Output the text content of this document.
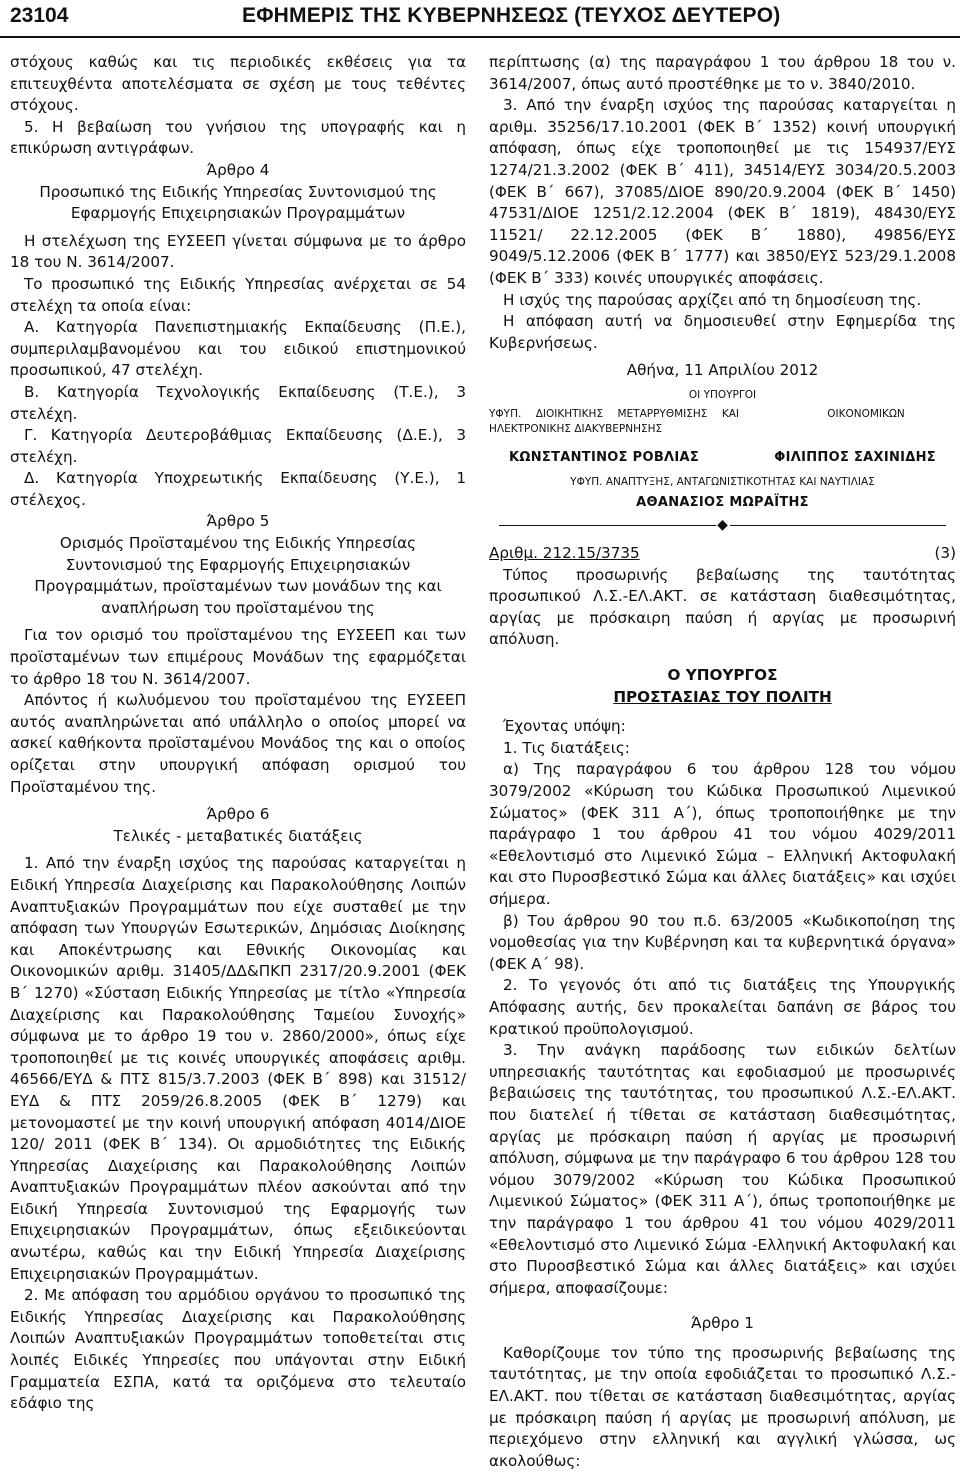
23104	ΕΦΗΜΕΡΙΣ ΤΗΣ ΚΥΒΕΡΝΗΣΕΩΣ (ΤΕΥΧΟΣ ΔΕΥΤΕΡΟ)

στόχους καθώς και τις περιοδικές εκθέσεις για τα επιτευχθέντα αποτελέσματα σε σχέση με τους τεθέντες στόχους.

5. Η βεβαίωση του γνήσιου της υπογραφής και η επικύρωση αντιγράφων.

Άρθρο 4

Προσωπικό της Ειδικής Υπηρεσίας Συντονισμού της Εφαρμογής Επιχειρησιακών Προγραμμάτων

Η στελέχωση της ΕΥΣΕΕΠ γίνεται σύμφωνα με το άρθρο 18 του Ν. 3614/2007.

Το προσωπικό της Ειδικής Υπηρεσίας ανέρχεται σε 54 στελέχη τα οποία είναι:

Α. Κατηγορία Πανεπιστημιακής Εκπαίδευσης (Π.Ε.), συμπεριλαμβανομένου και του ειδικού επιστημονικού προσωπικού, 47 στελέχη.

Β. Κατηγορία Τεχνολογικής Εκπαίδευσης (Τ.Ε.), 3 στελέχη.

Γ. Κατηγορία Δευτεροβάθμιας Εκπαίδευσης (Δ.Ε.), 3 στελέχη.

Δ. Κατηγορία Υποχρεωτικής Εκπαίδευσης (Υ.Ε.), 1 στέλεχος.

Άρθρο 5

Ορισμός Προϊσταμένου της Ειδικής Υπηρεσίας Συντονισμού της Εφαρμογής Επιχειρησιακών Προγραμμάτων, προϊσταμένων των μονάδων της και αναπλήρωση του προϊσταμένου της

Για τον ορισμό του προϊσταμένου της ΕΥΣΕΕΠ και των προϊσταμένων των επιμέρους Μονάδων της εφαρμόζεται το άρθρο 18 του Ν. 3614/2007.

Απόντος ή κωλυόμενου του προϊσταμένου της ΕΥΣΕΕΠ αυτός αναπληρώνεται από υπάλληλο ο οποίος μπορεί να ασκεί καθήκοντα προϊσταμένου Μονάδος της και ο οποίος ορίζεται στην υπουργική απόφαση ορισμού του Προϊσταμένου της.

Άρθρο 6

Τελικές - μεταβατικές διατάξεις

1. Από την έναρξη ισχύος της παρούσας καταργείται η Ειδική Υπηρεσία Διαχείρισης και Παρακολούθησης Λοιπών Αναπτυξιακών Προγραμμάτων που είχε συσταθεί με την απόφαση των Υπουργών Εσωτερικών, Δημόσιας Διοίκησης και Αποκέντρωσης και Εθνικής Οικονομίας και Οικονομικών αριθμ. 31405/ΔΔ&ΠΚΠ 2317/20.9.2001 (ΦΕΚ Β΄ 1270) «Σύσταση Ειδικής Υπηρεσίας με τίτλο «Υπηρεσία Διαχείρισης και Παρακολούθησης Ταμείου Συνοχής» σύμφωνα με το άρθρο 19 του ν. 2860/2000», όπως είχε τροποποιηθεί με τις κοινές υπουργικές αποφάσεις αριθμ. 46566/ΕΥΔ & ΠΤΣ 815/3.7.2003 (ΦΕΚ Β΄ 898) και 31512/ΕΥΔ & ΠΤΣ 2059/26.8.2005 (ΦΕΚ Β΄ 1279) και μετονομαστεί με την κοινή υπουργική απόφαση 4014/ΔΙΟΕ 120/ 2011 (ΦΕΚ Β΄ 134). Οι αρμοδιότητες της Ειδικής Υπηρεσίας Διαχείρισης και Παρακολούθησης Λοιπών Αναπτυξιακών Προγραμμάτων πλέον ασκούνται από την Ειδική Υπηρεσία Συντονισμού της Εφαρμογής των Επιχειρησιακών Προγραμμάτων, όπως εξειδικεύονται ανωτέρω, καθώς και την Ειδική Υπηρεσία Διαχείρισης Επιχειρησιακών Προγραμμάτων.

2. Με απόφαση του αρμόδιου οργάνου το προσωπικό της Ειδικής Υπηρεσίας Διαχείρισης και Παρακολούθησης Λοιπών Αναπτυξιακών Προγραμμάτων τοποθετείται στις λοιπές Ειδικές Υπηρεσίες που υπάγονται στην Ειδική Γραμματεία ΕΣΠΑ, κατά τα οριζόμενα στο τελευταίο εδάφιο της

περίπτωσης (α) της παραγράφου 1 του άρθρου 18 του ν. 3614/2007, όπως αυτό προστέθηκε με το ν. 3840/2010.

3. Από την έναρξη ισχύος της παρούσας καταργείται η αριθμ. 35256/17.10.2001 (ΦΕΚ Β΄ 1352) κοινή υπουργική απόφαση, όπως είχε τροποποιηθεί με τις 154937/ΕΥΣ 1274/21.3.2002 (ΦΕΚ Β΄ 411), 34514/ΕΥΣ 3034/20.5.2003 (ΦΕΚ Β΄ 667), 37085/ΔΙΟΕ 890/20.9.2004 (ΦΕΚ Β΄ 1450) 47531/ΔΙΟΕ 1251/2.12.2004 (ΦΕΚ Β΄ 1819), 48430/ΕΥΣ 11521/ 22.12.2005 (ΦΕΚ Β΄ 1880), 49856/ΕΥΣ 9049/5.12.2006 (ΦΕΚ Β΄ 1777) και 3850/ΕΥΣ 523/29.1.2008 (ΦΕΚ Β΄ 333) κοινές υπουργικές αποφάσεις.

Η ισχύς της παρούσας αρχίζει από τη δημοσίευση της.

Η απόφαση αυτή να δημοσιευθεί στην Εφημερίδα της Κυβερνήσεως.

Αθήνα, 11 Απριλίου 2012

ΟΙ ΥΠΟΥΡΓΟΙ

ΥΦΥΠ. ΔΙΟΙΚΗΤΙΚΗΣ ΜΕΤΑΡΡΥΘΜΙΣΗΣ ΚΑΙ ΗΛΕΚΤΡΟΝΙΚΗΣ ΔΙΑΚΥΒΕΡΝΗΣΗΣ
ΟΙΚΟΝΟΜΙΚΩΝ
ΚΩΝΣΤΑΝΤΙΝΟΣ ΡΟΒΛΙΑΣ	ΦΙΛΙΠΠΟΣ ΣΑΧΙΝΙΔΗΣ

ΥΦΥΠ. ΑΝΑΠΤΥΞΗΣ, ΑΝΤΑΓΩΝΙΣΤΙΚΟΤΗΤΑΣ ΚΑΙ ΝΑΥΤΙΛΙΑΣ

ΑΘΑΝΑΣΙΟΣ ΜΩΡΑΪΤΗΣ

◆
Αριθμ. 212.15/3735	(3)

Τύπος προσωρινής βεβαίωσης της ταυτότητας προσωπικού Λ.Σ.-ΕΛ.ΑΚΤ. σε κατάσταση διαθεσιμότητας, αργίας με πρόσκαιρη παύση ή αργίας με προσωρινή απόλυση.

Ο ΥΠΟΥΡΓΟΣ

ΠΡΟΣΤΑΣΙΑΣ ΤΟΥ ΠΟΛΙΤΗ

Έχοντας υπόψη:

1. Τις διατάξεις:

α) Της παραγράφου 6 του άρθρου 128 του νόμου 3079/2002 «Κύρωση του Κώδικα Προσωπικού Λιμενικού Σώματος» (ΦΕΚ 311 Α΄), όπως τροποποιήθηκε με την παράγραφο 1 του άρθρου 41 του νόμου 4029/2011 «Εθελοντισμό στο Λιμενικό Σώμα – Ελληνική Ακτοφυλακή και στο Πυροσβεστικό Σώμα και άλλες διατάξεις» και ισχύει σήμερα.

β) Του άρθρου 90 του π.δ. 63/2005 «Κωδικοποίηση της νομοθεσίας για την Κυβέρνηση και τα κυβερνητικά όργανα» (ΦΕΚ Α΄ 98).

2. Το γεγονός ότι από τις διατάξεις της Υπουργικής Απόφασης αυτής, δεν προκαλείται δαπάνη σε βάρος του κρατικού προϋπολογισμού.

3. Την ανάγκη παράδοσης των ειδικών δελτίων υπηρεσιακής ταυτότητας και εφοδιασμού με προσωρινές βεβαιώσεις της ταυτότητας, του προσωπικού Λ.Σ.-ΕΛ.ΑΚΤ. που διατελεί ή τίθεται σε κατάσταση διαθεσιμότητας, αργίας με πρόσκαιρη παύση ή αργίας με προσωρινή απόλυση, σύμφωνα με την παράγραφο 6 του άρθρου 128 του νόμου 3079/2002 «Κύρωση του Κώδικα Προσωπικού Λιμενικού Σώματος» (ΦΕΚ 311 Α΄), όπως τροποποιήθηκε με την παράγραφο 1 του άρθρου 41 του νόμου 4029/2011 «Εθελοντισμό στο Λιμενικό Σώμα -Ελληνική Ακτοφυλακή και στο Πυροσβεστικό Σώμα και άλλες διατάξεις» και ισχύει σήμερα, αποφασίζουμε:

Άρθρο 1

Καθορίζουμε τον τύπο της προσωρινής βεβαίωσης της ταυτότητας, με την οποία εφοδιάζεται το προσωπικό Λ.Σ.-ΕΛ.ΑΚΤ. που τίθεται σε κατάσταση διαθεσιμότητας, αργίας με πρόσκαιρη παύση ή αργίας με προσωρινή απόλυση, με περιεχόμενο στην ελληνική και αγγλική γλώσσα, ως ακολούθως:
